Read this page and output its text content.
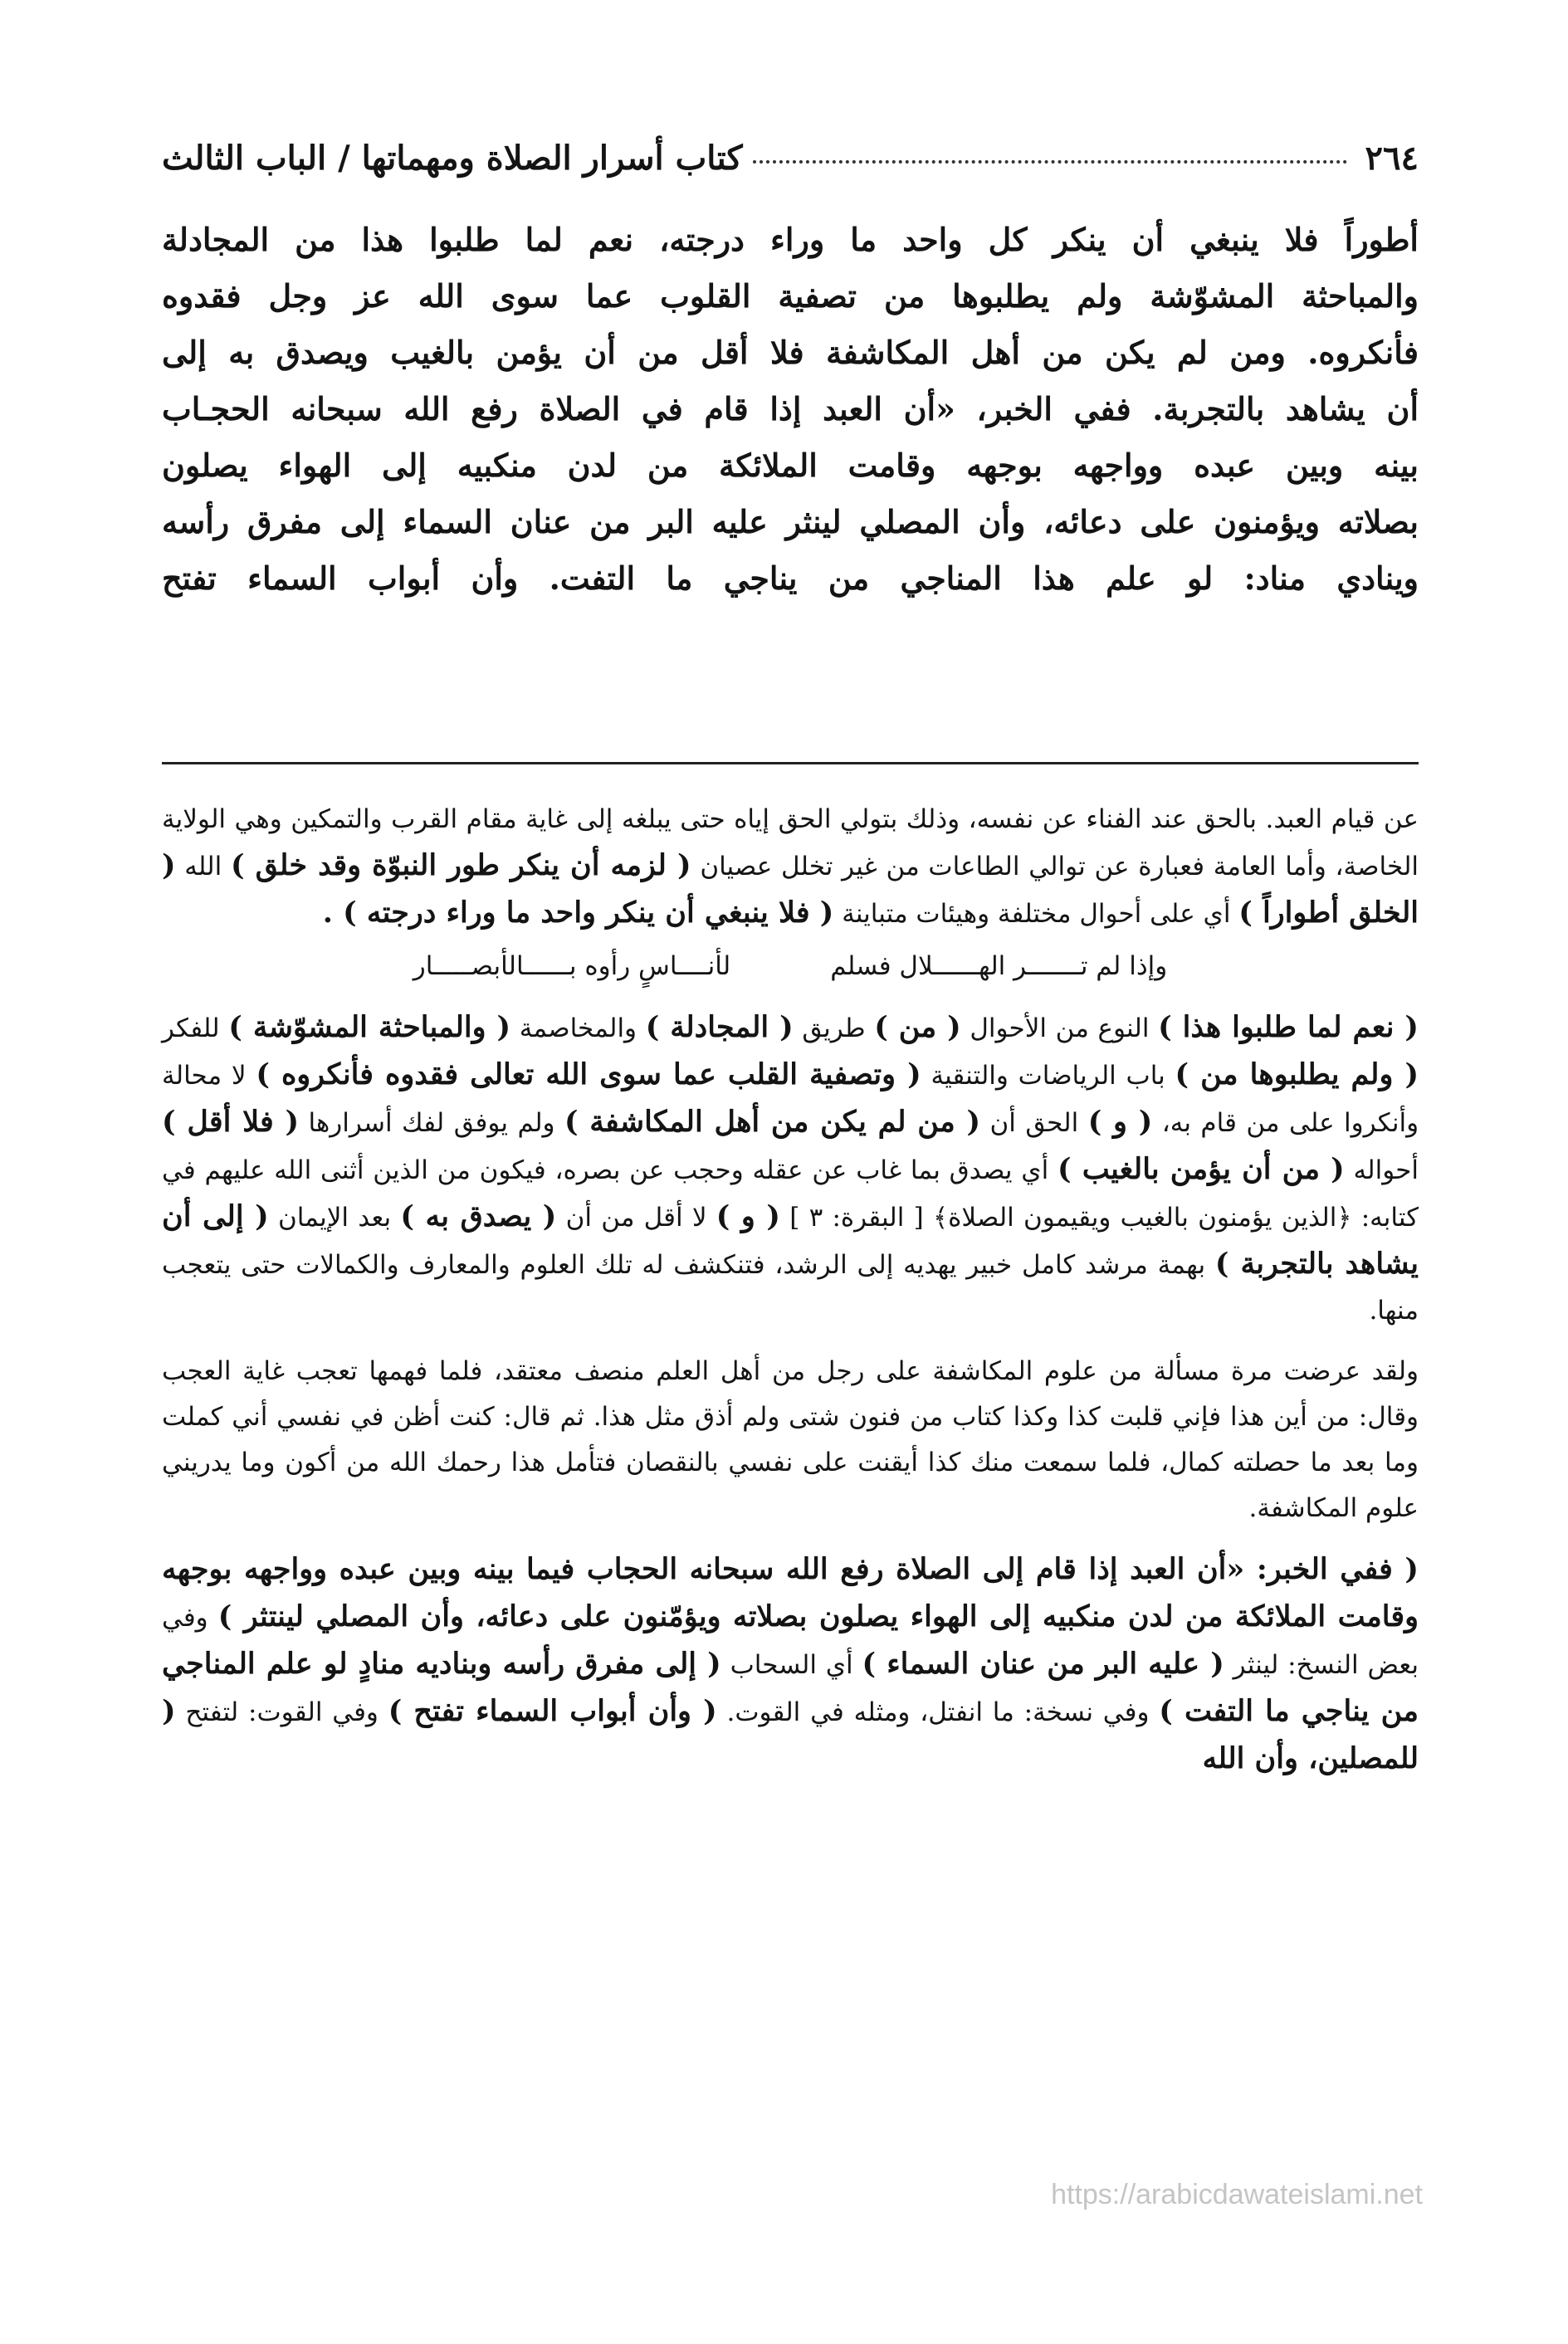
٢٦٤
كتاب أسرار الصلاة ومهماتها / الباب الثالث

أطوراً فلا ينبغي أن ينكر كل واحد ما وراء درجته، نعم لما طلبوا هذا من المجادلة

والمباحثة المشوّشة ولم يطلبوها من تصفية القلوب عما سوى الله عز وجل فقدوه

فأنكروه. ومن لم يكن من أهل المكاشفة فلا أقل من أن يؤمن بالغيب ويصدق به إلى

أن يشاهد بالتجربة. ففي الخبر، «أن العبد إذا قام في الصلاة رفع الله سبحانه الحجـاب

بينه وبين عبده وواجهه بوجهه وقامت الملائكة من لدن منكبيه إلى الهواء يصلون

بصلاته ويؤمنون على دعائه، وأن المصلي لينثر عليه البر من عنان السماء إلى مفرق رأسه

وينادي مناد: لو علم هذا المناجي من يناجي ما التفت. وأن أبواب السماء تفتح

عن قيام العبد. بالحق عند الفناء عن نفسه، وذلك بتولي الحق إياه حتى يبلغه إلى غاية مقام القرب والتمكين وهي الولاية الخاصة، وأما العامة فعبارة عن توالي الطاعات من غير تخلل عصيان ( لزمه أن ينكر طور النبوّة وقد خلق ) الله ( الخلق أطواراً ) أي على أحوال مختلفة وهيئات متباينة ( فلا ينبغي أن ينكر واحد ما وراء درجته ) .

وإذا لم تـــــــر الهــــــلال فسلم
لأنــــاسٍ رأوه بــــــالأبصـــــار

( نعم لما طلبوا هذا ) النوع من الأحوال ( من ) طريق ( المجادلة ) والمخاصمة ( والمباحثة المشوّشة ) للفكر ( ولم يطلبوها من ) باب الرياضات والتنقية ( وتصفية القلب عما سوى الله تعالى فقدوه فأنكروه ) لا محالة وأنكروا على من قام به، ( و ) الحق أن ( من لم يكن من أهل المكاشفة ) ولم يوفق لفك أسرارها ( فلا أقل ) أحواله ( من أن يؤمن بالغيب ) أي يصدق بما غاب عن عقله وحجب عن بصره، فيكون من الذين أثنى الله عليهم في كتابه: ﴿الذين يؤمنون بالغيب ويقيمون الصلاة﴾ [ البقرة: ٣ ] ( و ) لا أقل من أن ( يصدق به ) بعد الإيمان ( إلى أن يشاهد بالتجربة ) بهمة مرشد كامل خبير يهديه إلى الرشد، فتنكشف له تلك العلوم والمعارف والكمالات حتى يتعجب منها.

ولقد عرضت مرة مسألة من علوم المكاشفة على رجل من أهل العلم منصف معتقد، فلما فهمها تعجب غاية العجب وقال: من أين هذا فإني قلبت كذا وكذا كتاب من فنون شتى ولم أذق مثل هذا. ثم قال: كنت أظن في نفسي أني كملت وما بعد ما حصلته كمال، فلما سمعت منك كذا أيقنت على نفسي بالنقصان فتأمل هذا رحمك الله من أكون وما يدريني علوم المكاشفة.

( ففي الخبر: «أن العبد إذا قام إلى الصلاة رفع الله سبحانه الحجاب فيما بينه وبين عبده وواجهه بوجهه وقامت الملائكة من لدن منكبيه إلى الهواء يصلون بصلاته ويؤمّنون على دعائه، وأن المصلي لينتثر ) وفي بعض النسخ: لينثر ( عليه البر من عنان السماء ) أي السحاب ( إلى مفرق رأسه وبناديه منادٍ لو علم المناجي من يناجي ما التفت ) وفي نسخة: ما انفتل، ومثله في القوت. ( وأن أبواب السماء تفتح ) وفي القوت: لتفتح ( للمصلين، وأن الله

https://arabicdawateislami.net
